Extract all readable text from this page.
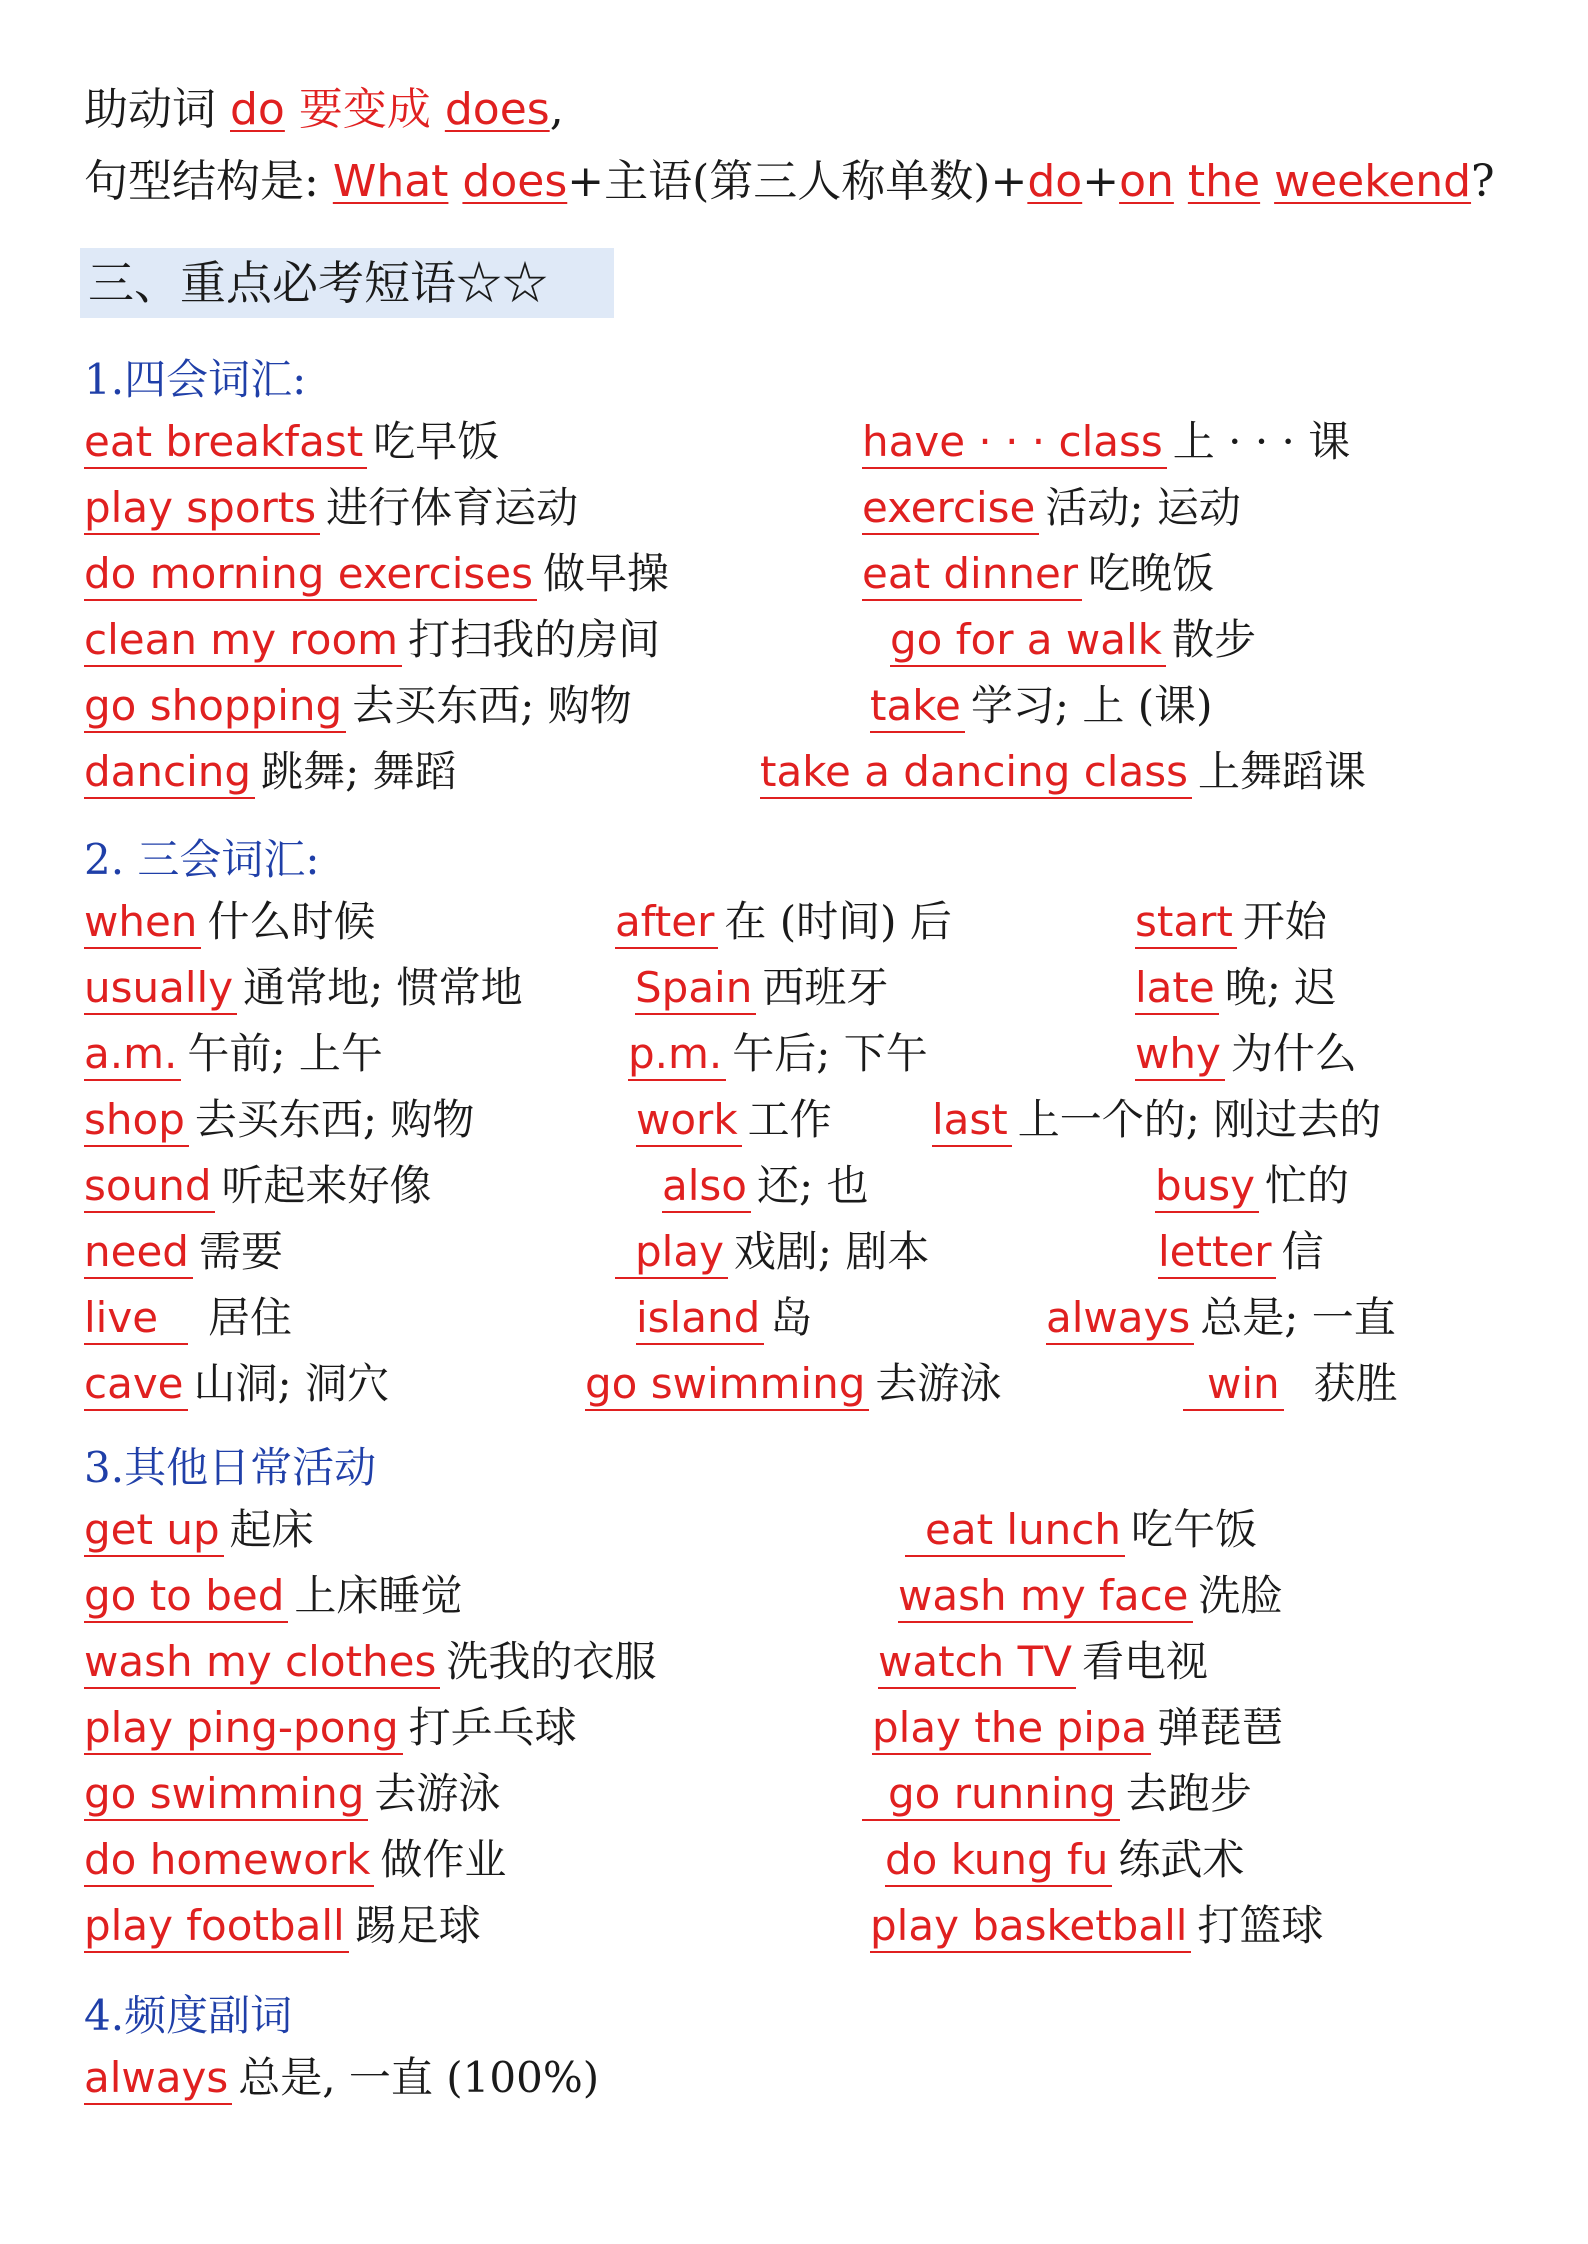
助动词 do 要变成 does,
句型结构是: What does+主语(第三人称单数)+do+on the weekend?
三、重点必考短语☆☆
1.四会词汇:
eat breakfast 吃早饭	have · · · class 上 · · · 课
play sports 进行体育运动	exercise 活动; 运动
do morning exercises 做早操	eat dinner 吃晚饭
clean my room 打扫我的房间	go for a walk 散步
go shopping 去买东西; 购物	take 学习; 上 (课)
dancing 跳舞; 舞蹈	take a dancing class 上舞蹈课
2. 三会词汇:
when 什么时候	after 在 (时间) 后	start 开始
usually 通常地; 惯常地	Spain 西班牙	late 晚; 迟
a.m. 午前; 上午	p.m. 午后; 下午	why 为什么
shop 去买东西; 购物	work 工作 last 上一个的; 刚过去的
sound 听起来好像	also 还; 也	busy 忙的
need 需要	play 戏剧; 剧本	letter 信
live 居住	island 岛	always 总是; 一直
cave 山洞; 洞穴	go swimming 去游泳	win 获胜
3.其他日常活动
get up 起床	eat lunch 吃午饭
go to bed 上床睡觉	wash my face 洗脸
wash my clothes 洗我的衣服	watch TV 看电视
play ping-pong 打乒乓球	play the pipa 弹琵琶
go swimming 去游泳	go running 去跑步
do homework 做作业	do kung fu 练武术
play football 踢足球	play basketball 打篮球
4.频度副词
always 总是, 一直 (100%)
